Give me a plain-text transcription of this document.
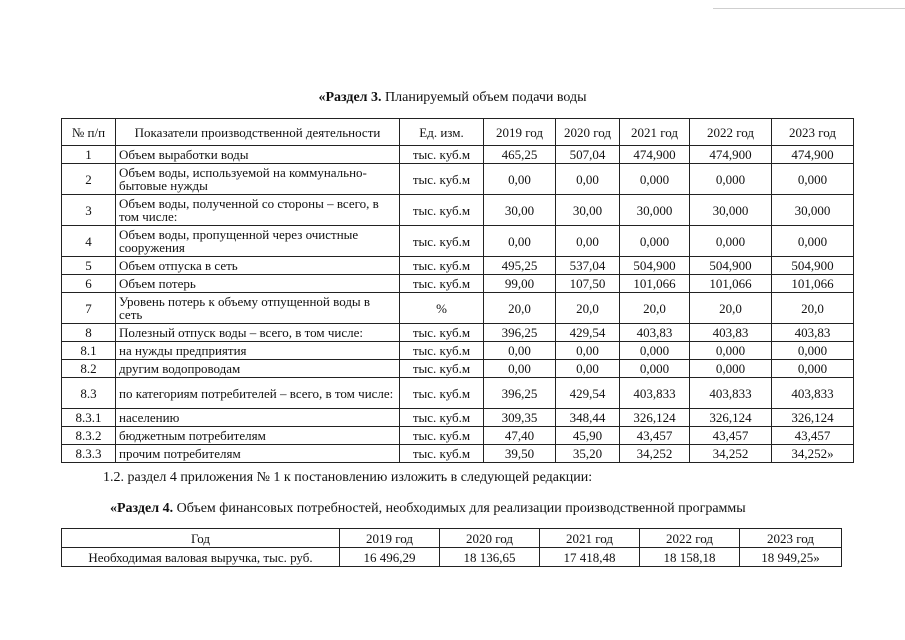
«Раздел 3. Планируемый объем подачи воды
№ п/п	Показатели производственной деятельности	Ед. изм.	2019 год	2020 год	2021 год	2022 год	2023 год
1	Объем выработки воды	тыс. куб.м	465,25	507,04	474,900	474,900	474,900
2	Объем воды, используемой на коммунально-бытовые нужды	тыс. куб.м	0,00	0,00	0,000	0,000	0,000
3	Объем воды, полученной со стороны – всего, в том числе:	тыс. куб.м	30,00	30,00	30,000	30,000	30,000
4	Объем воды, пропущенной через очистные сооружения	тыс. куб.м	0,00	0,00	0,000	0,000	0,000
5	Объем отпуска в сеть	тыс. куб.м	495,25	537,04	504,900	504,900	504,900
6	Объем потерь	тыс. куб.м	99,00	107,50	101,066	101,066	101,066
7	Уровень потерь к объему отпущенной воды в сеть	%	20,0	20,0	20,0	20,0	20,0
8	Полезный отпуск воды – всего, в том числе:	тыс. куб.м	396,25	429,54	403,83	403,83	403,83
8.1	на нужды предприятия	тыс. куб.м	0,00	0,00	0,000	0,000	0,000
8.2	другим водопроводам	тыс. куб.м	0,00	0,00	0,000	0,000	0,000
8.3	по категориям потребителей – всего, в том числе:	тыс. куб.м	396,25	429,54	403,833	403,833	403,833
8.3.1	населению	тыс. куб.м	309,35	348,44	326,124	326,124	326,124
8.3.2	бюджетным потребителям	тыс. куб.м	47,40	45,90	43,457	43,457	43,457
8.3.3	прочим потребителям	тыс. куб.м	39,50	35,20	34,252	34,252	34,252»
1.2. раздел 4 приложения № 1 к постановлению изложить в следующей редакции:
«Раздел 4. Объем финансовых потребностей, необходимых для реализации производственной программы
Год	2019 год	2020 год	2021 год	2022 год	2023 год
Необходимая валовая выручка, тыс. руб.	16 496,29	18 136,65	17 418,48	18 158,18	18 949,25»
